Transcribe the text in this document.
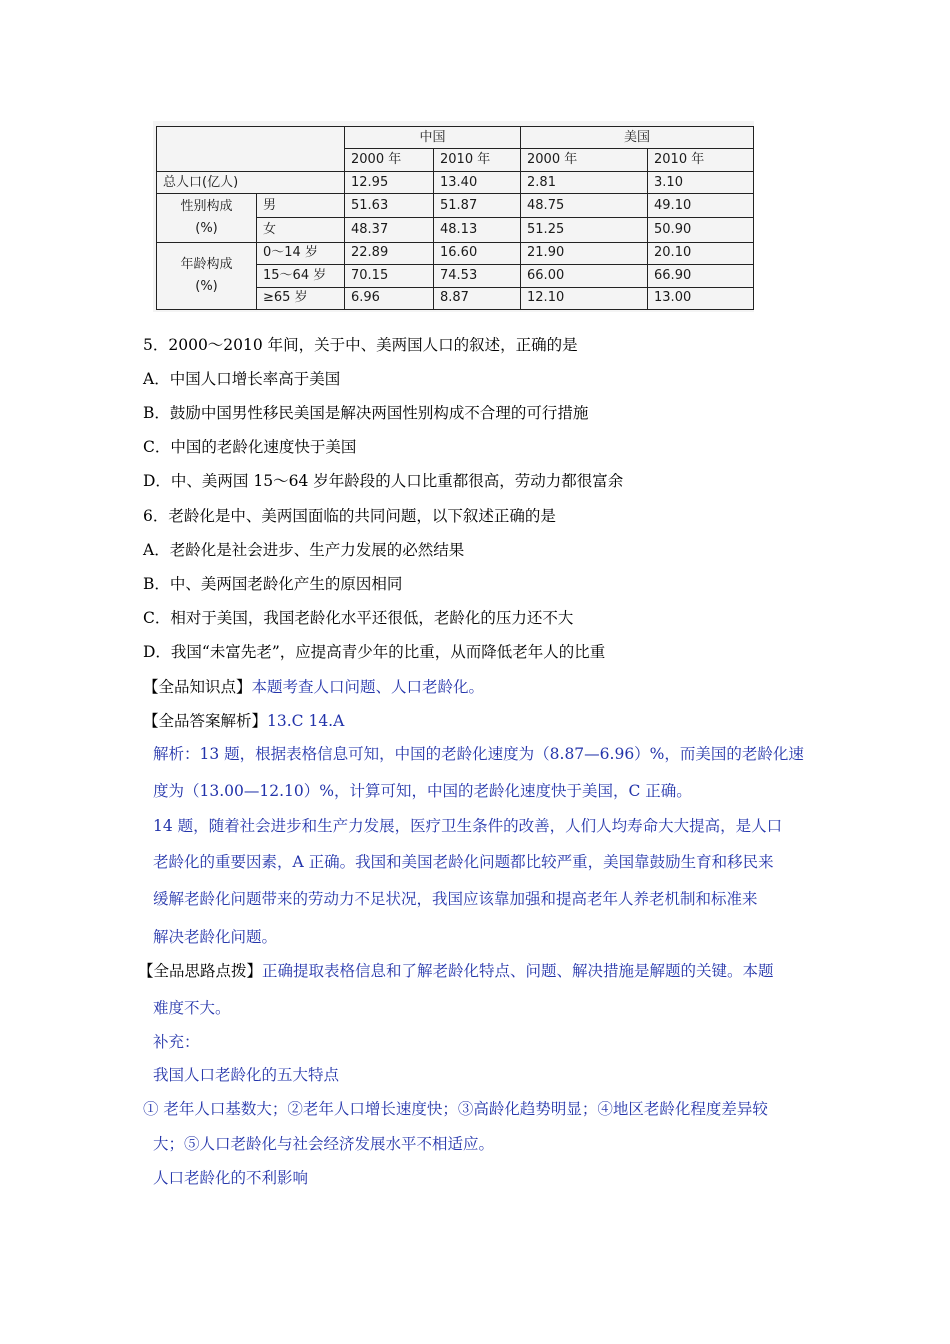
		中国		美国	
		2000 年	2010 年	2000 年	2010 年
总人口(亿人)		12.95	13.40	2.81	3.10
性别构成
(%)	男	51.63	51.87	48.75	49.10
	女	48.37	48.13	51.25	50.90
年龄构成
(%)	0～14 岁	22.89	16.60	21.90	20.10
	15～64 岁	70.15	74.53	66.00	66.90
	≥65 岁	6.96	8.87	12.10	13.00
5．2000～2010 年间，关于中、美两国人口的叙述，正确的是
A．中国人口增长率高于美国
B．鼓励中国男性移民美国是解决两国性别构成不合理的可行措施
C．中国的老龄化速度快于美国
D．中、美两国 15～64 岁年龄段的人口比重都很高，劳动力都很富余
6．老龄化是中、美两国面临的共同问题，以下叙述正确的是
A．老龄化是社会进步、生产力发展的必然结果
B．中、美两国老龄化产生的原因相同
C．相对于美国，我国老龄化水平还很低，老龄化的压力还不大
D．我国“未富先老”，应提高青少年的比重，从而降低老年人的比重
【全品知识点】本题考查人口问题、人口老龄化。
【全品答案解析】13.C 14.A
解析：13 题，根据表格信息可知，中国的老龄化速度为（8.87—6.96）%，而美国的老龄化速
度为（13.00—12.10）%，计算可知，中国的老龄化速度快于美国，C 正确。
14 题，随着社会进步和生产力发展，医疗卫生条件的改善，人们人均寿命大大提高，是人口
老龄化的重要因素，A 正确。我国和美国老龄化问题都比较严重，美国靠鼓励生育和移民来
缓解老龄化问题带来的劳动力不足状况，我国应该靠加强和提高老年人养老机制和标准来
解决老龄化问题。
【全品思路点拨】正确提取表格信息和了解老龄化特点、问题、解决措施是解题的关键。本题
难度不大。
补充：
我国人口老龄化的五大特点
① 老年人口基数大；②老年人口增长速度快；③高龄化趋势明显；④地区老龄化程度差异较
大；⑤人口老龄化与社会经济发展水平不相适应。
人口老龄化的不利影响
